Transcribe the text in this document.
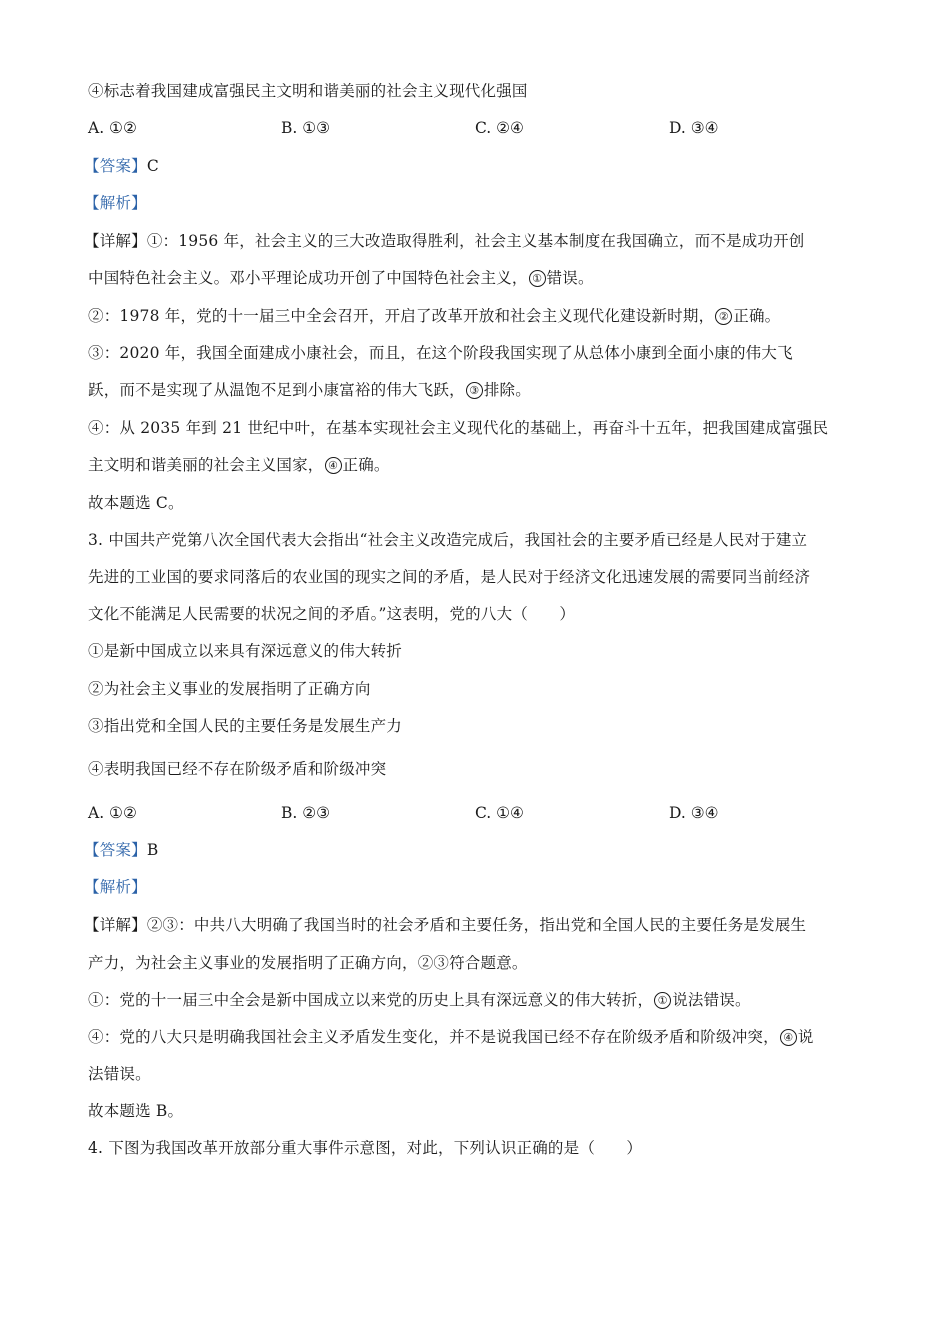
④标志着我国建成富强民主文明和谐美丽的社会主义现代化强国
A. ①②	B. ①③	C. ②④	D. ③④
【答案】C
【解析】
【详解】①：1956 年，社会主义的三大改造取得胜利，社会主义基本制度在我国确立，而不是成功开创
中国特色社会主义。邓小平理论成功开创了中国特色社会主义， ① 错误。
②：1978 年，党的十一届三中全会召开，开启了改革开放和社会主义现代化建设新时期， ② 正确。
③：2020 年，我国全面建成小康社会，而且，在这个阶段我国实现了从总体小康到全面小康的伟大飞
跃，而不是实现了从温饱不足到小康富裕的伟大飞跃， ③ 排除。
④：从 2035 年到 21 世纪中叶，在基本实现社会主义现代化的基础上，再奋斗十五年，把我国建成富强民
主文明和谐美丽的社会主义国家， ④ 正确。
故本题选 C。
3. 中国共产党第八次全国代表大会指出“社会主义改造完成后，我国社会的主要矛盾已经是人民对于建立
先进的工业国的要求同落后的农业国的现实之间的矛盾，是人民对于经济文化迅速发展的需要同当前经济
文化不能满足人民需要的状况之间的矛盾。”这表明，党的八大（　　）
①是新中国成立以来具有深远意义的伟大转折
②为社会主义事业的发展指明了正确方向
③指出党和全国人民的主要任务是发展生产力
④表明我国已经不存在阶级矛盾和阶级冲突
A. ①②	B. ②③	C. ①④	D. ③④
【答案】B
【解析】
【详解】②③：中共八大明确了我国当时的社会矛盾和主要任务，指出党和全国人民的主要任务是发展生
产力，为社会主义事业的发展指明了正确方向，②③符合题意。
①：党的十一届三中全会是新中国成立以来党的历史上具有深远意义的伟大转折， ① 说法错误。
④：党的八大只是明确我国社会主义矛盾发生变化，并不是说我国已经不存在阶级矛盾和阶级冲突， ④ 说
法错误。
故本题选 B。
4. 下图为我国改革开放部分重大事件示意图，对此，下列认识正确的是（　　）
